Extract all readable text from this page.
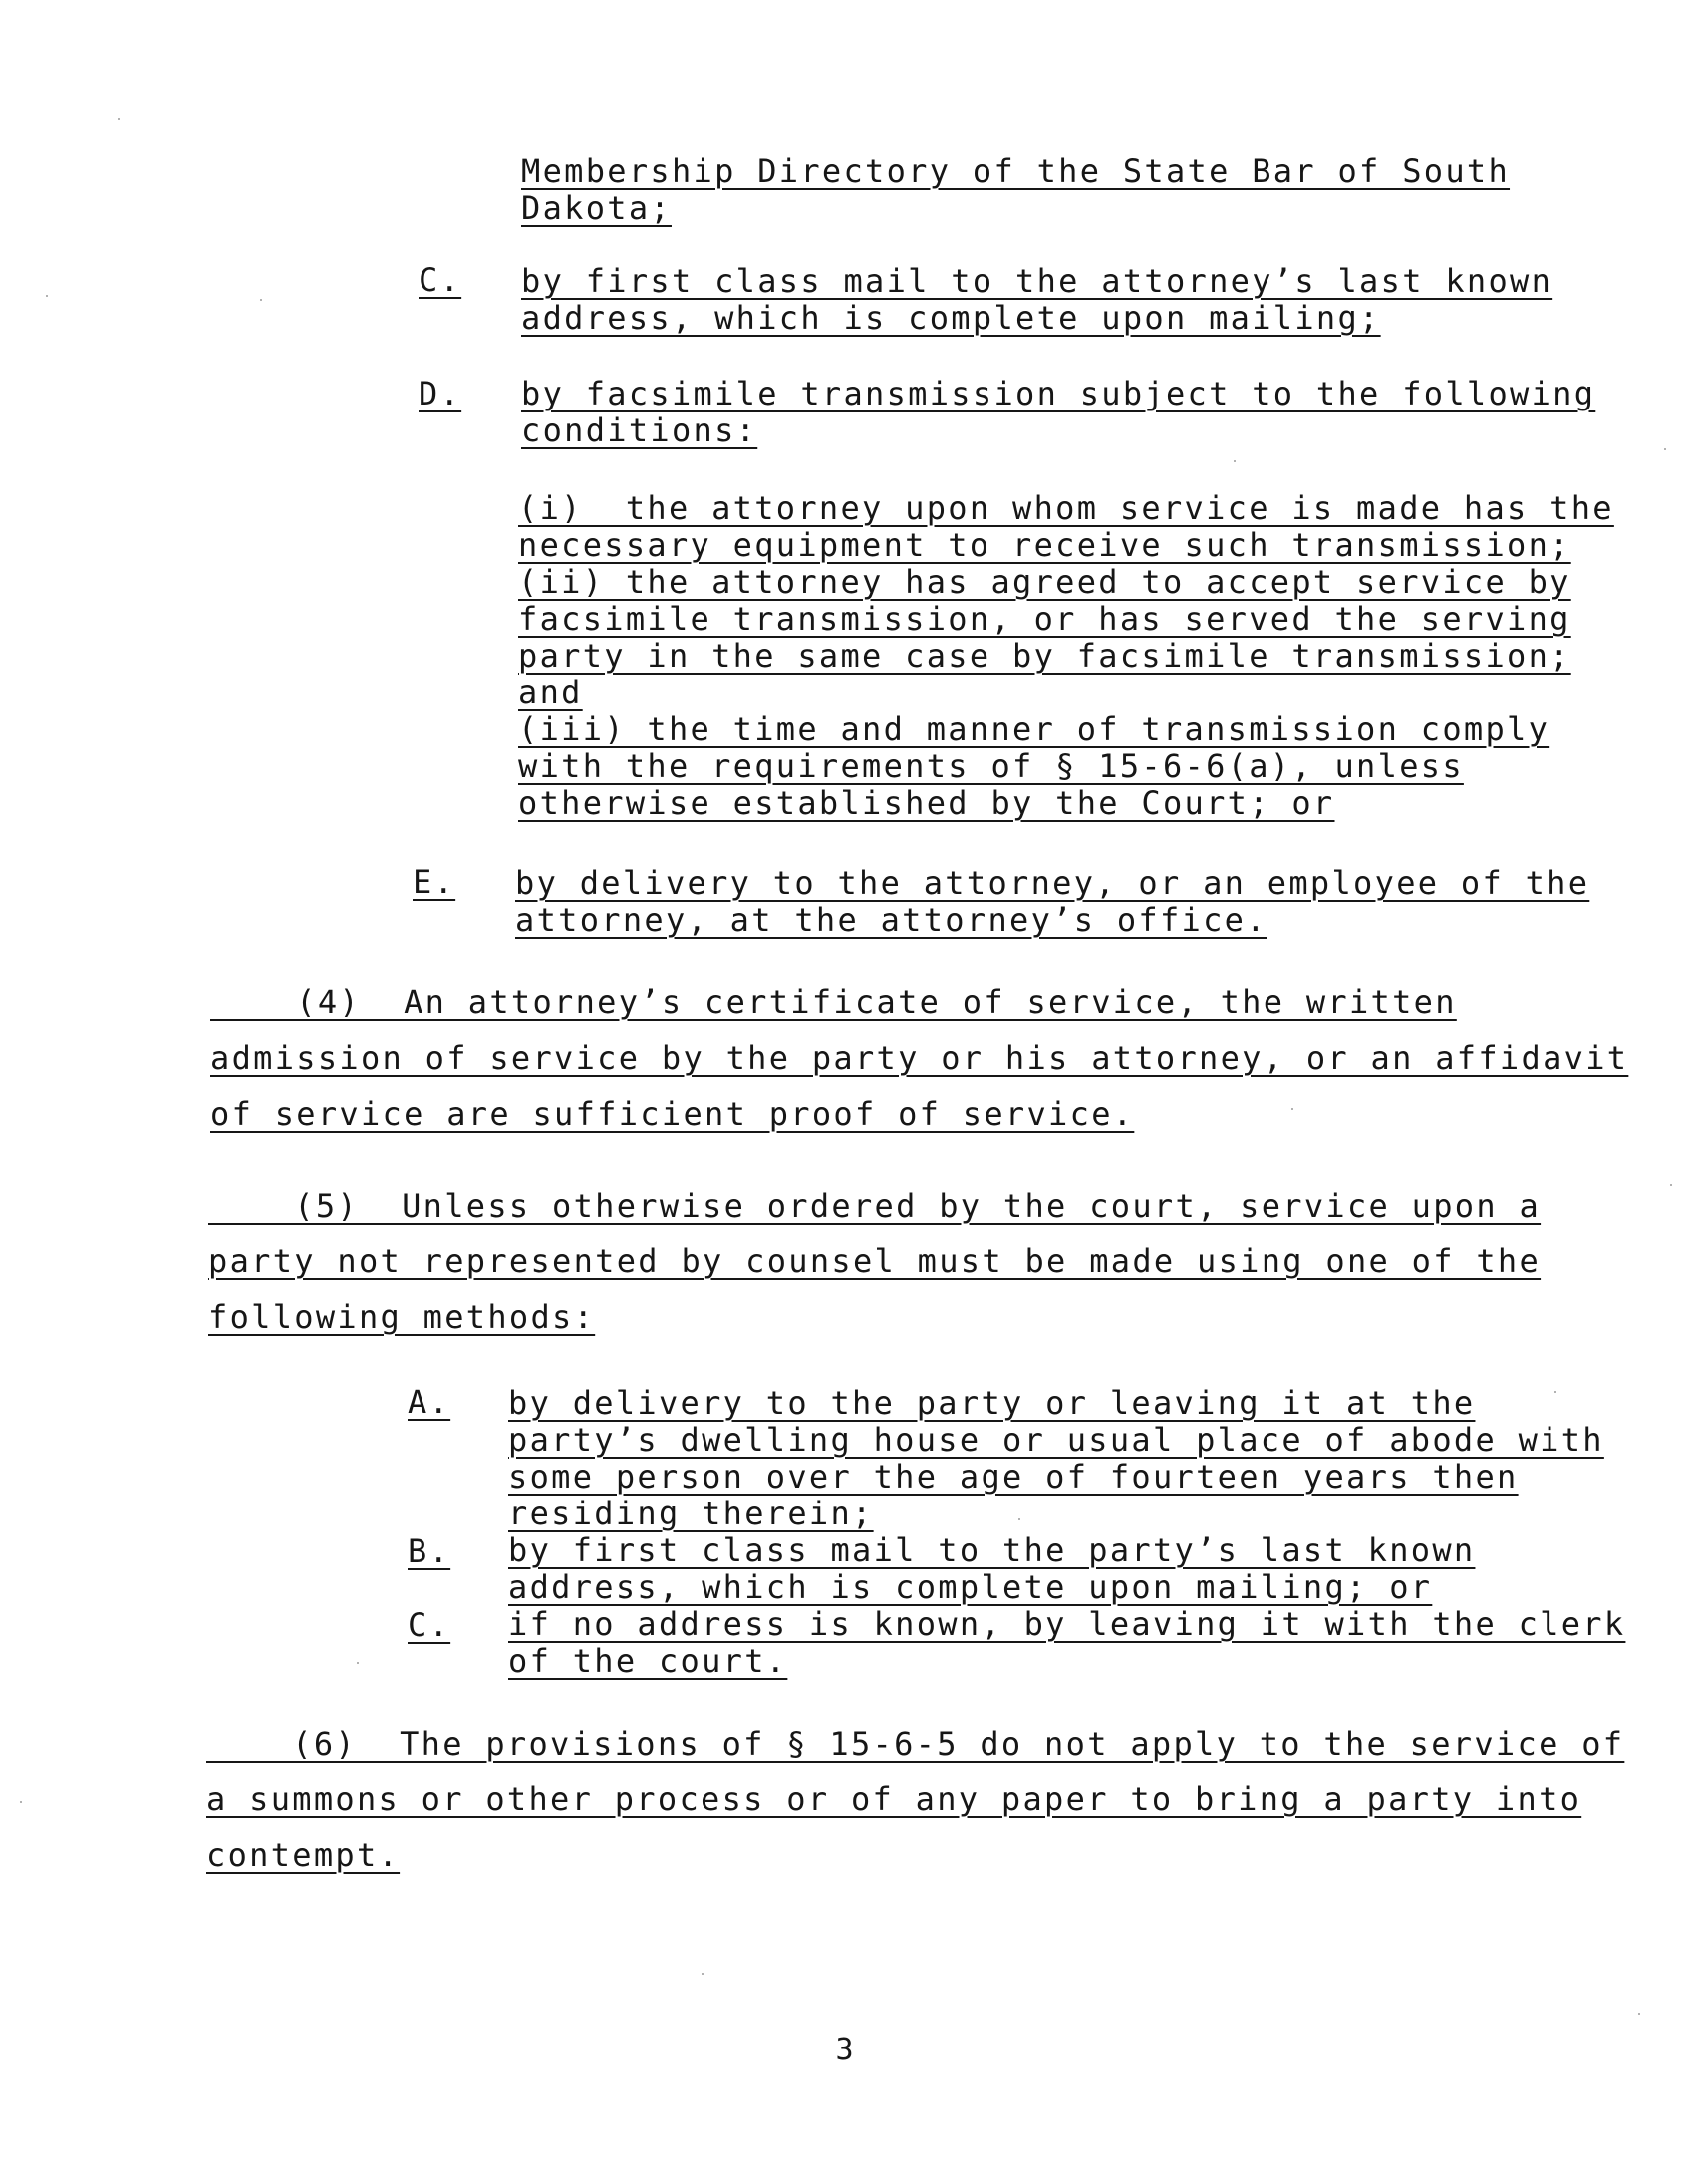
Membership Directory of the State Bar of South
Dakota;
C. by first class mail to the attorney’s last known
address, which is complete upon mailing;
D. by facsimile transmission subject to the following
conditions:
(i)  the attorney upon whom service is made has the
necessary equipment to receive such transmission;
(ii) the attorney has agreed to accept service by
facsimile transmission, or has served the serving
party in the same case by facsimile transmission;
and
(iii) the time and manner of transmission comply
with the requirements of § 15-6-6(a), unless
otherwise established by the Court; or
E. by delivery to the attorney, or an employee of the
attorney, at the attorney’s office.
(4)  An attorney’s certificate of service, the written
admission of service by the party or his attorney, or an affidavit
of service are sufficient proof of service.
(5)  Unless otherwise ordered by the court, service upon a
party not represented by counsel must be made using one of the
following methods:
A. by delivery to the party or leaving it at the
party’s dwelling house or usual place of abode with
some person over the age of fourteen years then
residing therein;
B. by first class mail to the party’s last known
address, which is complete upon mailing; or
C. if no address is known, by leaving it with the clerk
of the court.
(6)  The provisions of § 15-6-5 do not apply to the service of
a summons or other process or of any paper to bring a party into
contempt.
3
